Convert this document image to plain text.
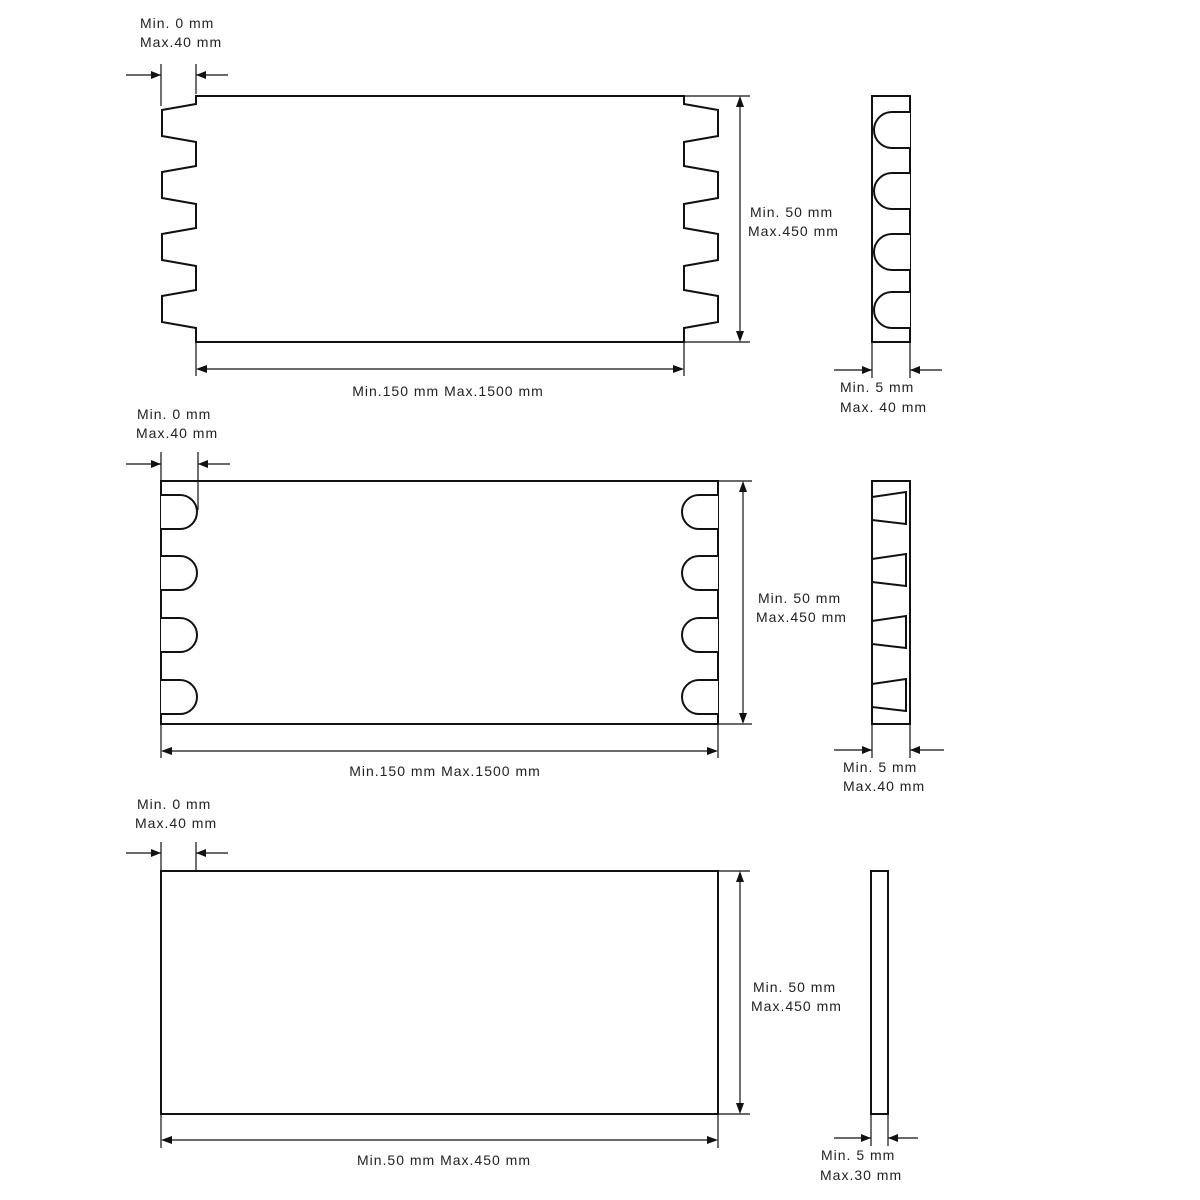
Min. 0 mm
Max.40 mm
Min. 50 mm
Max.450 mm
Min.150 mm Max.1500 mm	Min. 5 mm
Max. 40 mm
Min. 0 mm
Max.40 mm
Min. 50 mm
Max.450 mm
Min.150 mm Max.1500 mm	Min. 5 mm
Max.40 mm
Min. 0 mm
Max.40 mm
Min. 50 mm
Max.450 mm
Min.50 mm Max.450 mm	Min. 5 mm
Max.30 mm
